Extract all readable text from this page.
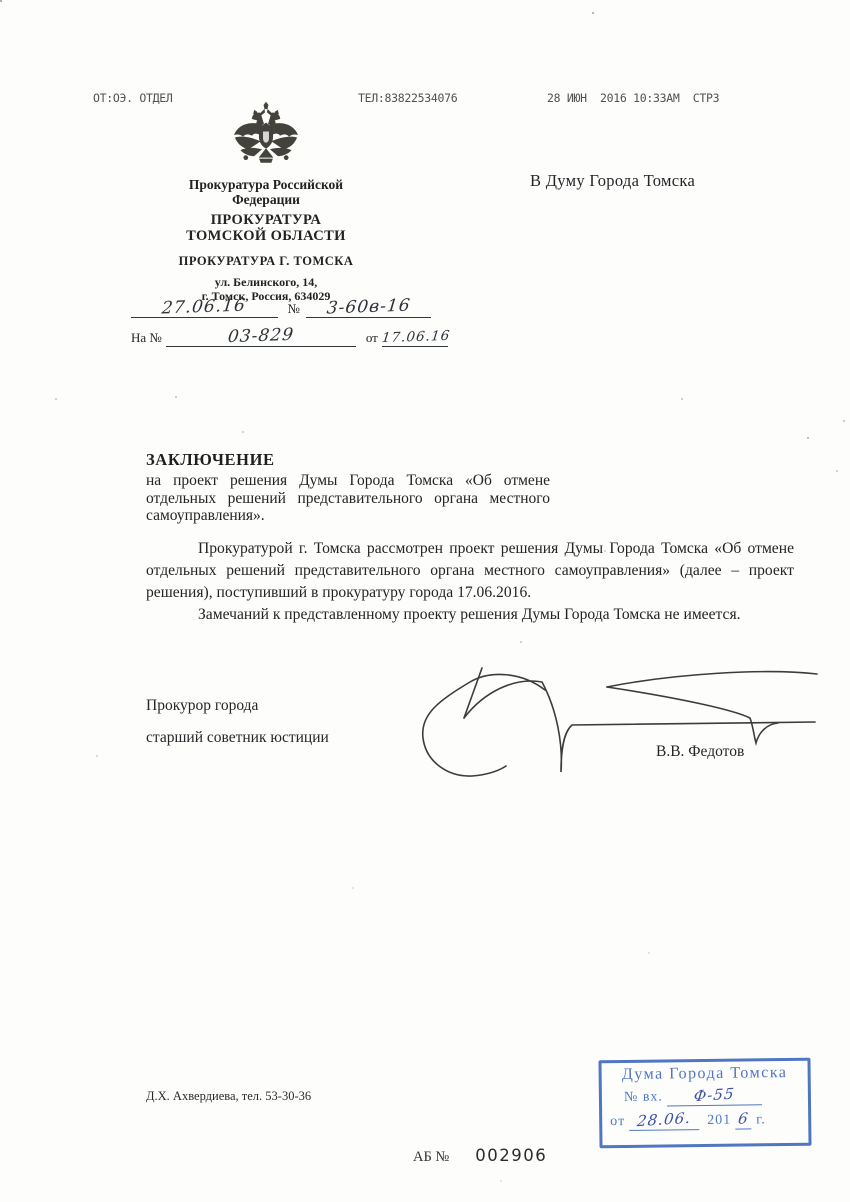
ОТ:ОЭ. ОТДЕЛ	ТЕЛ:83822534076	28 ИЮН  2016 10:33АМ  СТР3
Прокуратура Российской Федерации
ПРОКУРАТУРА
ТОМСКОЙ ОБЛАСТИ
ПРОКУРАТУРА Г. ТОМСКА
ул. Белинского, 14,
г. Томск, Россия, 634029
27.06.16	№	3-60в-16
На №	03-829	от 17.06.16
В Думу Города Томска
ЗАКЛЮЧЕНИЕ
на проект решения Думы Города Томска «Об отмене отдельных решений представительного органа местного самоуправления».

Прокуратурой г. Томска рассмотрен проект решения Думы Города Томска «Об отмене отдельных решений представительного органа местного самоуправления» (далее – проект решения), поступивший в прокуратуру города 17.06.2016.

Замечаний к представленному проекту решения Думы Города Томска не имеется.

Прокурор города
старший советник юстиции
В.В. Федотов
Д.Х. Ахвердиева, тел. 53-30-36
Дума Города Томска
№ вх.	Ф-55
от 28.06.	201 6 г.
АБ № 002906
